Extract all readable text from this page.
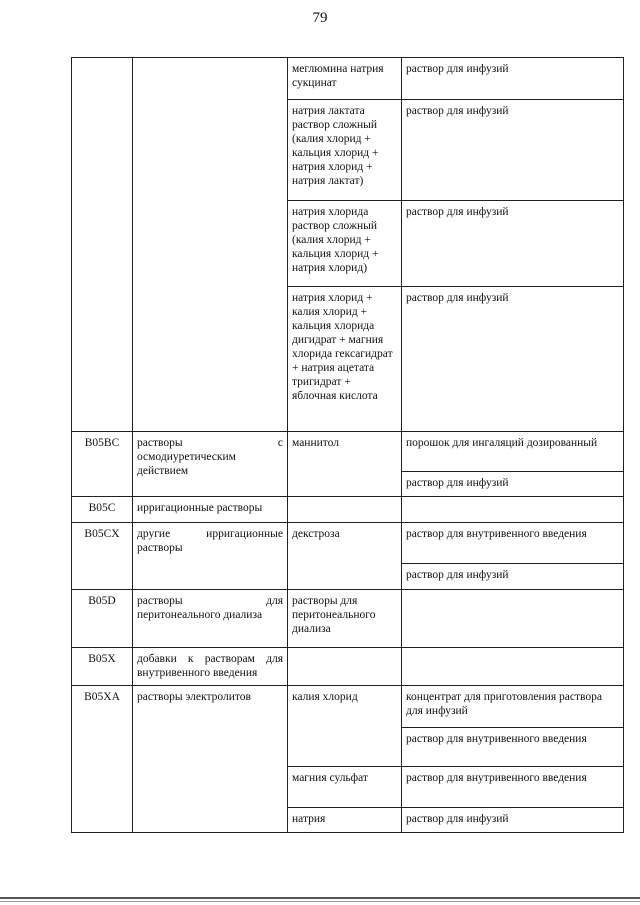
79
		меглюмина натрия сукцинат	раствор для инфузий
		натрия лактата раствор сложный (калия хлорид + кальция хлорид + натрия хлорид + натрия лактат)	раствор для инфузий
		натрия хлорида раствор сложный (калия хлорид + кальция хлорид + натрия хлорид)	раствор для инфузий
		натрия хлорид + калия хлорид + кальция хлорида дигидрат + магния хлорида гексагидрат + натрия ацетата тригидрат + яблочная кислота	раствор для инфузий
B05BC	растворы с осмодиуретическим действием	маннитол	порошок для ингаляций дозированный
			раствор для инфузий
B05C	ирригационные растворы		
B05CX	другие ирригационные растворы	декстроза	раствор для внутривенного введения
			раствор для инфузий
B05D	растворы для перитонеального диализа	растворы для перитонеального диализа	
B05X	добавки к растворам для внутривенного введения		
B05XA	растворы электролитов	калия хлорид	концентрат для приготовления раствора для инфузий
			раствор для внутривенного введения
		магния сульфат	раствор для внутривенного введения
		натрия	раствор для инфузий
